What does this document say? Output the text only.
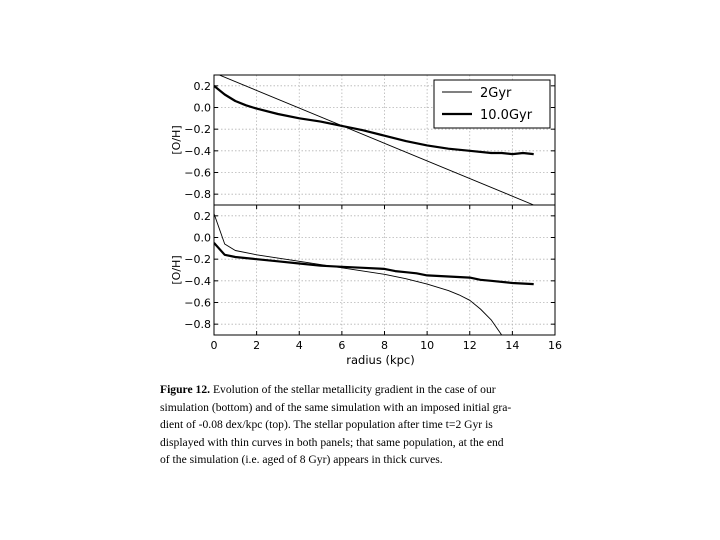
0.2
0.0
−0.2
−0.4
−0.6
−0.8
[O/H]
2Gyr
10.0Gyr
0.2
0.0
−0.2
−0.4
−0.6
−0.8
[O/H]
0	2	4	6	8	10	12	14	16
radius (kpc)
Figure 12. Evolution of the stellar metallicity gradient in the case of our
simulation (bottom) and of the same simulation with an imposed initial gra-
dient of -0.08 dex/kpc (top). The stellar population after time t=2 Gyr is
displayed with thin curves in both panels; that same population, at the end
of the simulation (i.e. aged of 8 Gyr) appears in thick curves.
